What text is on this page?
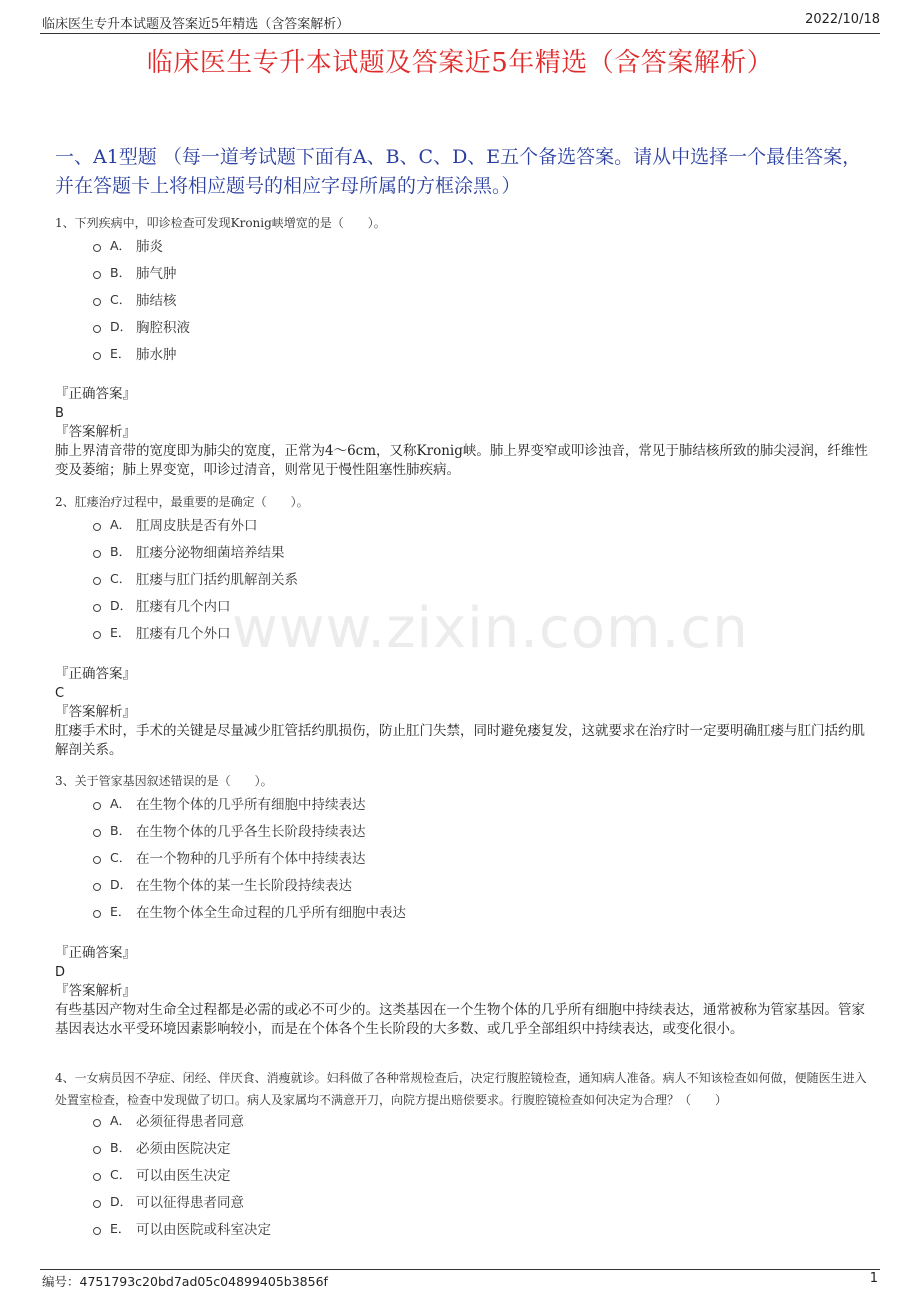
临床医生专升本试题及答案近5年精选（含答案解析）	2022/10/18
临床医生专升本试题及答案近5年精选（含答案解析）
一、A1型题 （每一道考试题下面有A、B、C、D、E五个备选答案。请从中选择一个最佳答案，并在答题卡上将相应题号的相应字母所属的方框涂黑。）
1、下列疾病中，叩诊检查可发现Kronig峡增宽的是（　　）。
A． 肺炎
B． 肺气肿
C． 肺结核
D． 胸腔积液
E． 肺水肿
『正确答案』
B
『答案解析』
肺上界清音带的宽度即为肺尖的宽度，正常为4～6cm，又称Kronig峡。肺上界变窄或叩诊浊音，常见于肺结核所致的肺尖浸润，纤维性变及萎缩；肺上界变宽，叩诊过清音，则常见于慢性阻塞性肺疾病。
2、肛瘘治疗过程中，最重要的是确定（　　）。
A． 肛周皮肤是否有外口
B． 肛瘘分泌物细菌培养结果
C． 肛瘘与肛门括约肌解剖关系
D． 肛瘘有几个内口
E． 肛瘘有几个外口
『正确答案』
C
『答案解析』
肛瘘手术时，手术的关键是尽量减少肛管括约肌损伤，防止肛门失禁，同时避免瘘复发，这就要求在治疗时一定要明确肛瘘与肛门括约肌解剖关系。
3、关于管家基因叙述错误的是（　　）。
A． 在生物个体的几乎所有细胞中持续表达
B． 在生物个体的几乎各生长阶段持续表达
C． 在一个物种的几乎所有个体中持续表达
D． 在生物个体的某一生长阶段持续表达
E． 在生物个体全生命过程的几乎所有细胞中表达
『正确答案』
D
『答案解析』
有些基因产物对生命全过程都是必需的或必不可少的。这类基因在一个生物个体的几乎所有细胞中持续表达，通常被称为管家基因。管家基因表达水平受环境因素影响较小，而是在个体各个生长阶段的大多数、或几乎全部组织中持续表达，或变化很小。
4、一女病员因不孕症、闭经、伴厌食、消瘦就诊。妇科做了各种常规检查后，决定行腹腔镜检查，通知病人准备。病人不知该检查如何做，便随医生进入处置室检查，检查中发现做了切口。病人及家属均不满意开刀，向院方提出赔偿要求。行腹腔镜检查如何决定为合理？（　　）
A． 必须征得患者同意
B． 必须由医院决定
C． 可以由医生决定
D． 可以征得患者同意
E． 可以由医院或科室决定
www.zixin.com.cn
编号：4751793c20bd7ad05c04899405b3856f	1
